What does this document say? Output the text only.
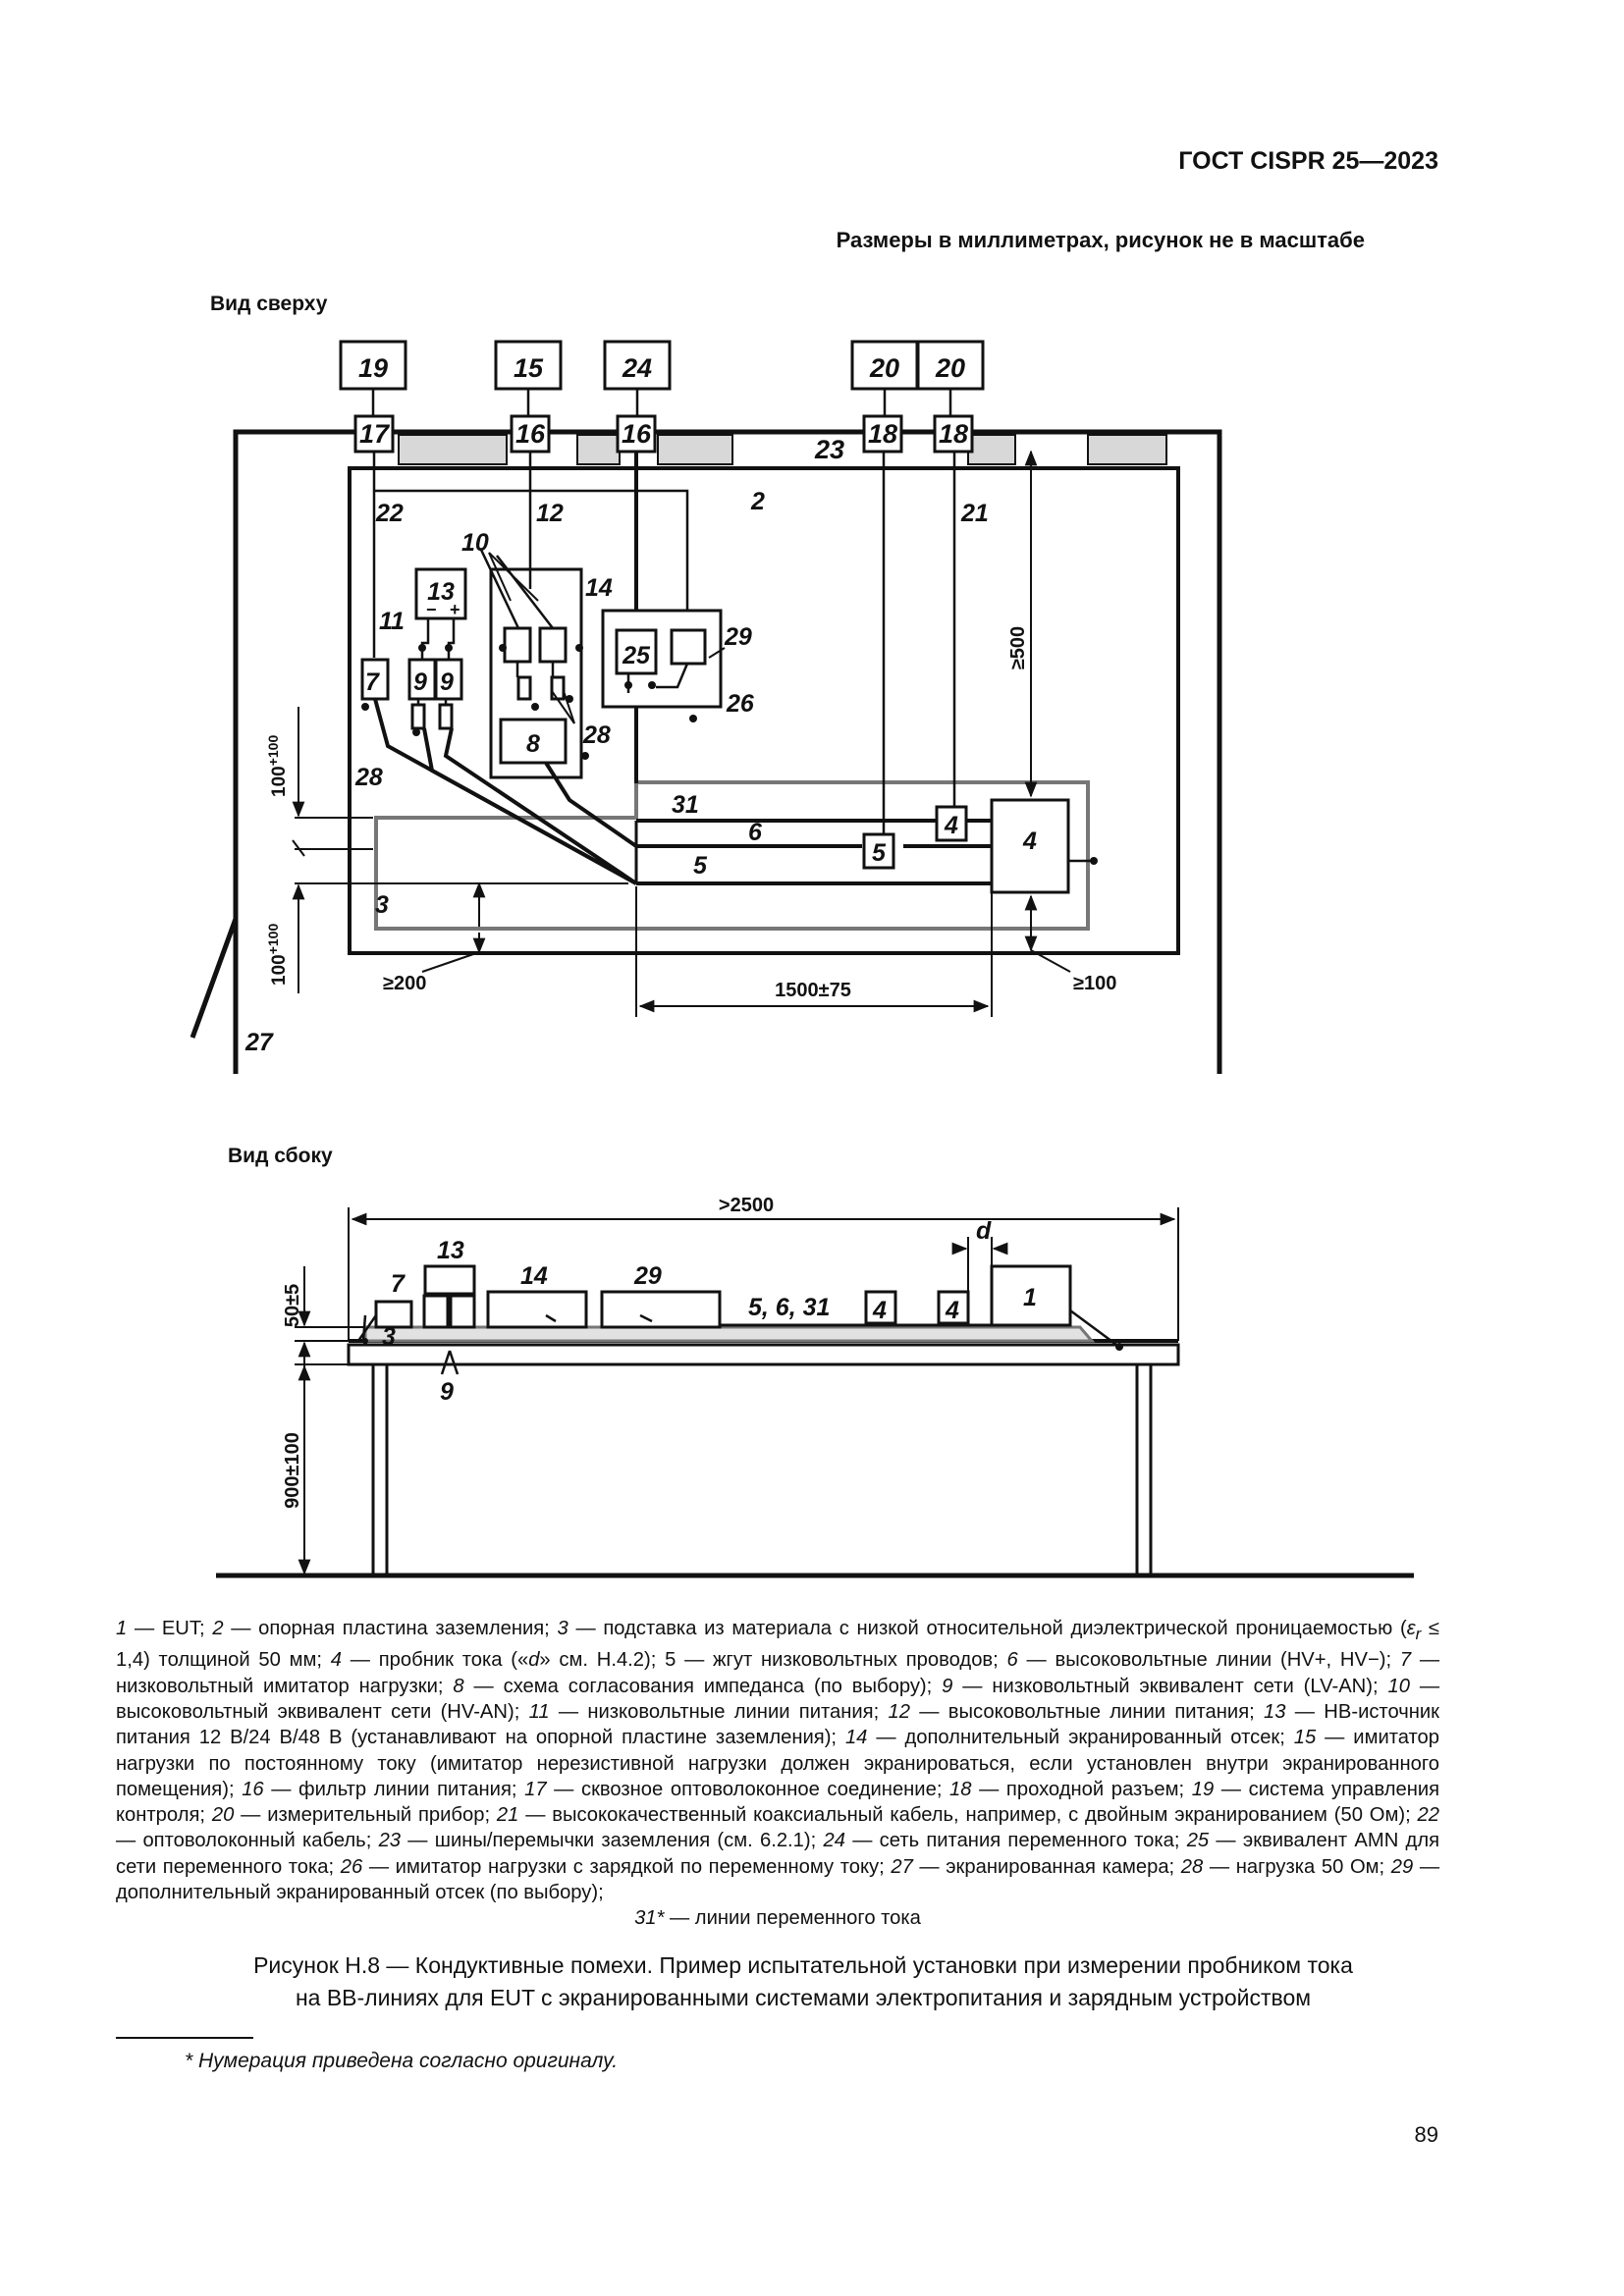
ГОСТ CISPR 25—2023
Размеры в миллиметрах, рисунок не в масштабе
Вид сверху
Вид сбоку
19	15	24	20 20
17	16	16
23
18 18
13
− +
8
25
5
4
4
≥500
≥100
1500±75
≥200
$100^{+100}$
$100^{+100}$
2
22	12	21
10
14
11
29
26
28
28
7 9 9
31
6
5
3
27
>2500
50±5
900±100
d
13
7	14	29
5, 6, 31 4 4	1
3
9
1 — EUT; 2 — опорная пластина заземления; 3 — подставка из материала с низкой относительной диэлектрической проницаемостью $(\varepsilon_r \le 1,4)$ толщиной 50 мм; 4 — пробник тока («d» см. H.4.2); 5 — жгут низковольтных проводов; 6 — высоковольтные линии (HV+, HV−); 7 — низковольтный имитатор нагрузки; 8 — схема согласования импеданса (по выбору); 9 — низковольтный эквивалент сети (LV-AN); 10 — высоковольтный эквивалент сети (HV-AN); 11 — низковольтные линии питания; 12 — высоковольтные линии питания; 13 — HB-источник питания 12 В/24 В/48 В (устанавливают на опорной пластине заземления); 14 — дополнительный экранированный отсек; 15 — имитатор нагрузки по постоянному току (имитатор нерезистивной нагрузки должен экранироваться, если установлен внутри экранированного помещения); 16 — фильтр линии питания; 17 — сквозное оптоволоконное соединение; 18 — проходной разъем; 19 — система управления контроля; 20 — измерительный прибор; 21 — высококачественный коаксиальный кабель, например, с двойным экранированием (50 Ом); 22 — оптоволоконный кабель; 23 — шины/перемычки заземления (см. 6.2.1); 24 — сеть питания переменного тока; 25 — эквивалент AMN для сети переменного тока; 26 — имитатор нагрузки с зарядкой по переменному току; 27 — экранированная камера; 28 — нагрузка 50 Ом; 29 — дополнительный экранированный отсек (по выбору);
31* — линии переменного тока
Рисунок H.8 — Кондуктивные помехи. Пример испытательной установки при измерении пробником тока
на ВВ-линиях для EUT с экранированными системами электропитания и зарядным устройством
* Нумерация приведена согласно оригиналу.
89
